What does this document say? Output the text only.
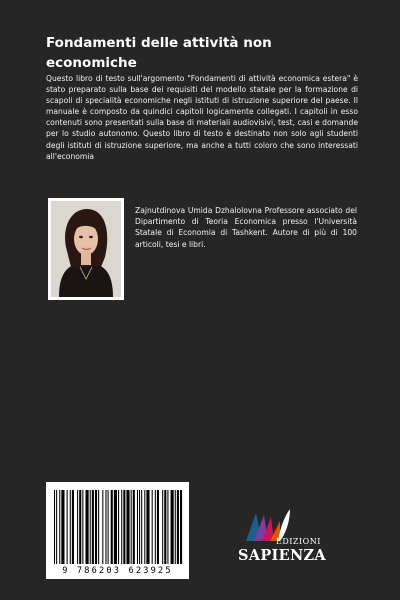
Fondamenti delle attività non economiche

Questo libro di testo sull'argomento "Fondamenti di attività economica estera" è stato preparato sulla base dei requisiti del modello statale per la formazione di scapoli di specialità economiche negli istituti di istruzione superiore del paese. Il manuale è composto da quindici capitoli logicamente collegati. I capitoli in esso contenuti sono presentati sulla base di materiali audiovisivi, test, casi e domande per lo studio autonomo. Questo libro di testo è destinato non solo agli studenti degli istituti di istruzione superiore, ma anche a tutti coloro che sono interessati all'economia

Zajnutdinova Umida Dzhalolovna Professore associato del Dipartimento di Teoria Economica presso l'Università Statale di Economia di Tashkent. Autore di più di 100 articoli, tesi e libri.

9 786203 623925
EDIZIONI
SAPIENZA
